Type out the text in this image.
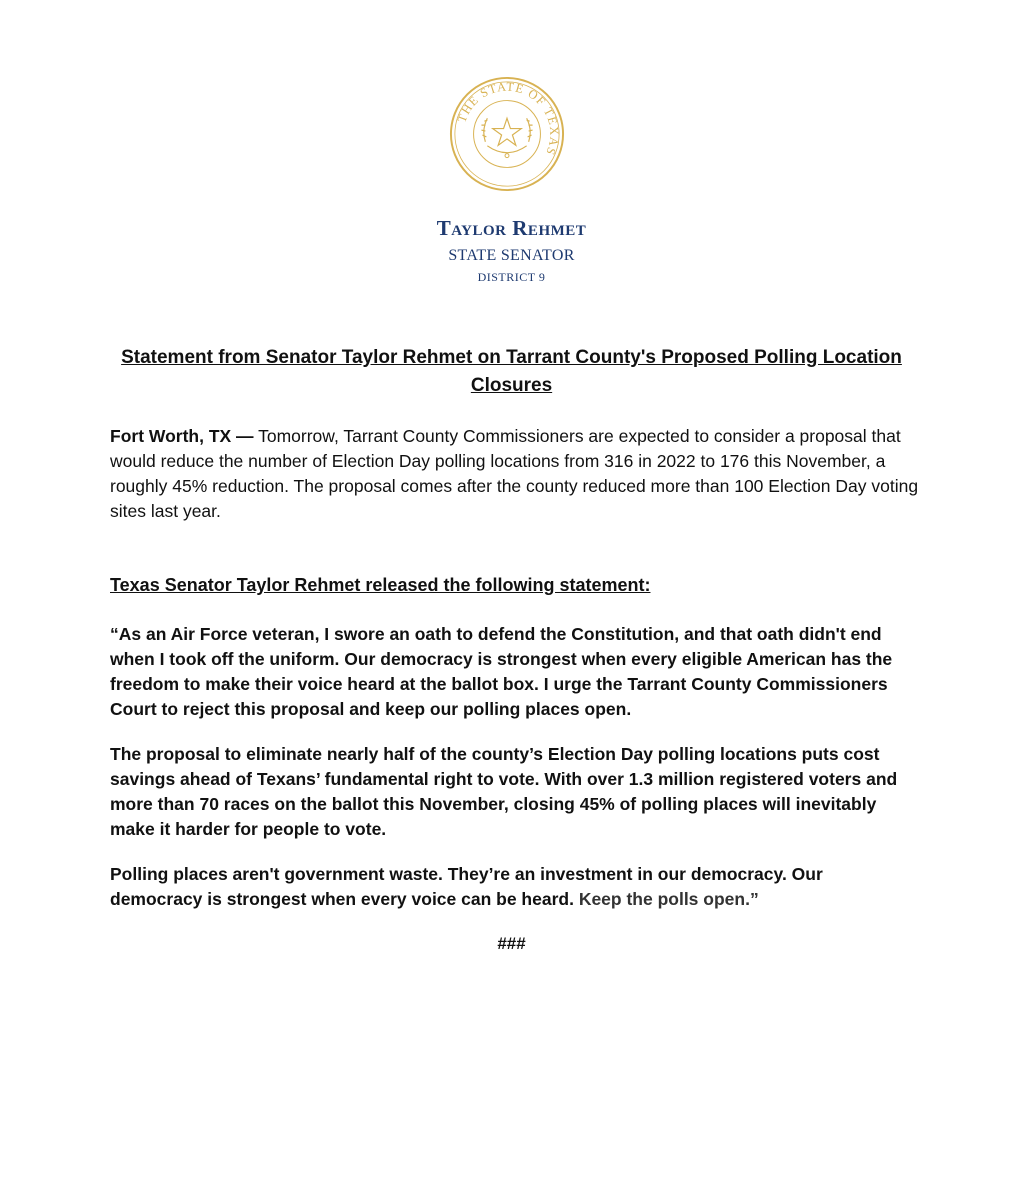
THE STATE OF TEXAS
Taylor Rehmet
STATE SENATOR
DISTRICT 9
Statement from Senator Taylor Rehmet on Tarrant County's Proposed Polling Location Closures

Fort Worth, TX — Tomorrow, Tarrant County Commissioners are expected to consider a proposal that would reduce the number of Election Day polling locations from 316 in 2022 to 176 this November, a roughly 45% reduction. The proposal comes after the county reduced more than 100 Election Day voting sites last year.

Texas Senator Taylor Rehmet released the following statement:

“As an Air Force veteran, I swore an oath to defend the Constitution, and that oath didn't end when I took off the uniform. Our democracy is strongest when every eligible American has the freedom to make their voice heard at the ballot box. I urge the Tarrant County Commissioners Court to reject this proposal and keep our polling places open.

The proposal to eliminate nearly half of the county’s Election Day polling locations puts cost savings ahead of Texans’ fundamental right to vote. With over 1.3 million registered voters and more than 70 races on the ballot this November, closing 45% of polling places will inevitably make it harder for people to vote.

Polling places aren't government waste. They’re an investment in our democracy. Our democracy is strongest when every voice can be heard. Keep the polls open.”

###
